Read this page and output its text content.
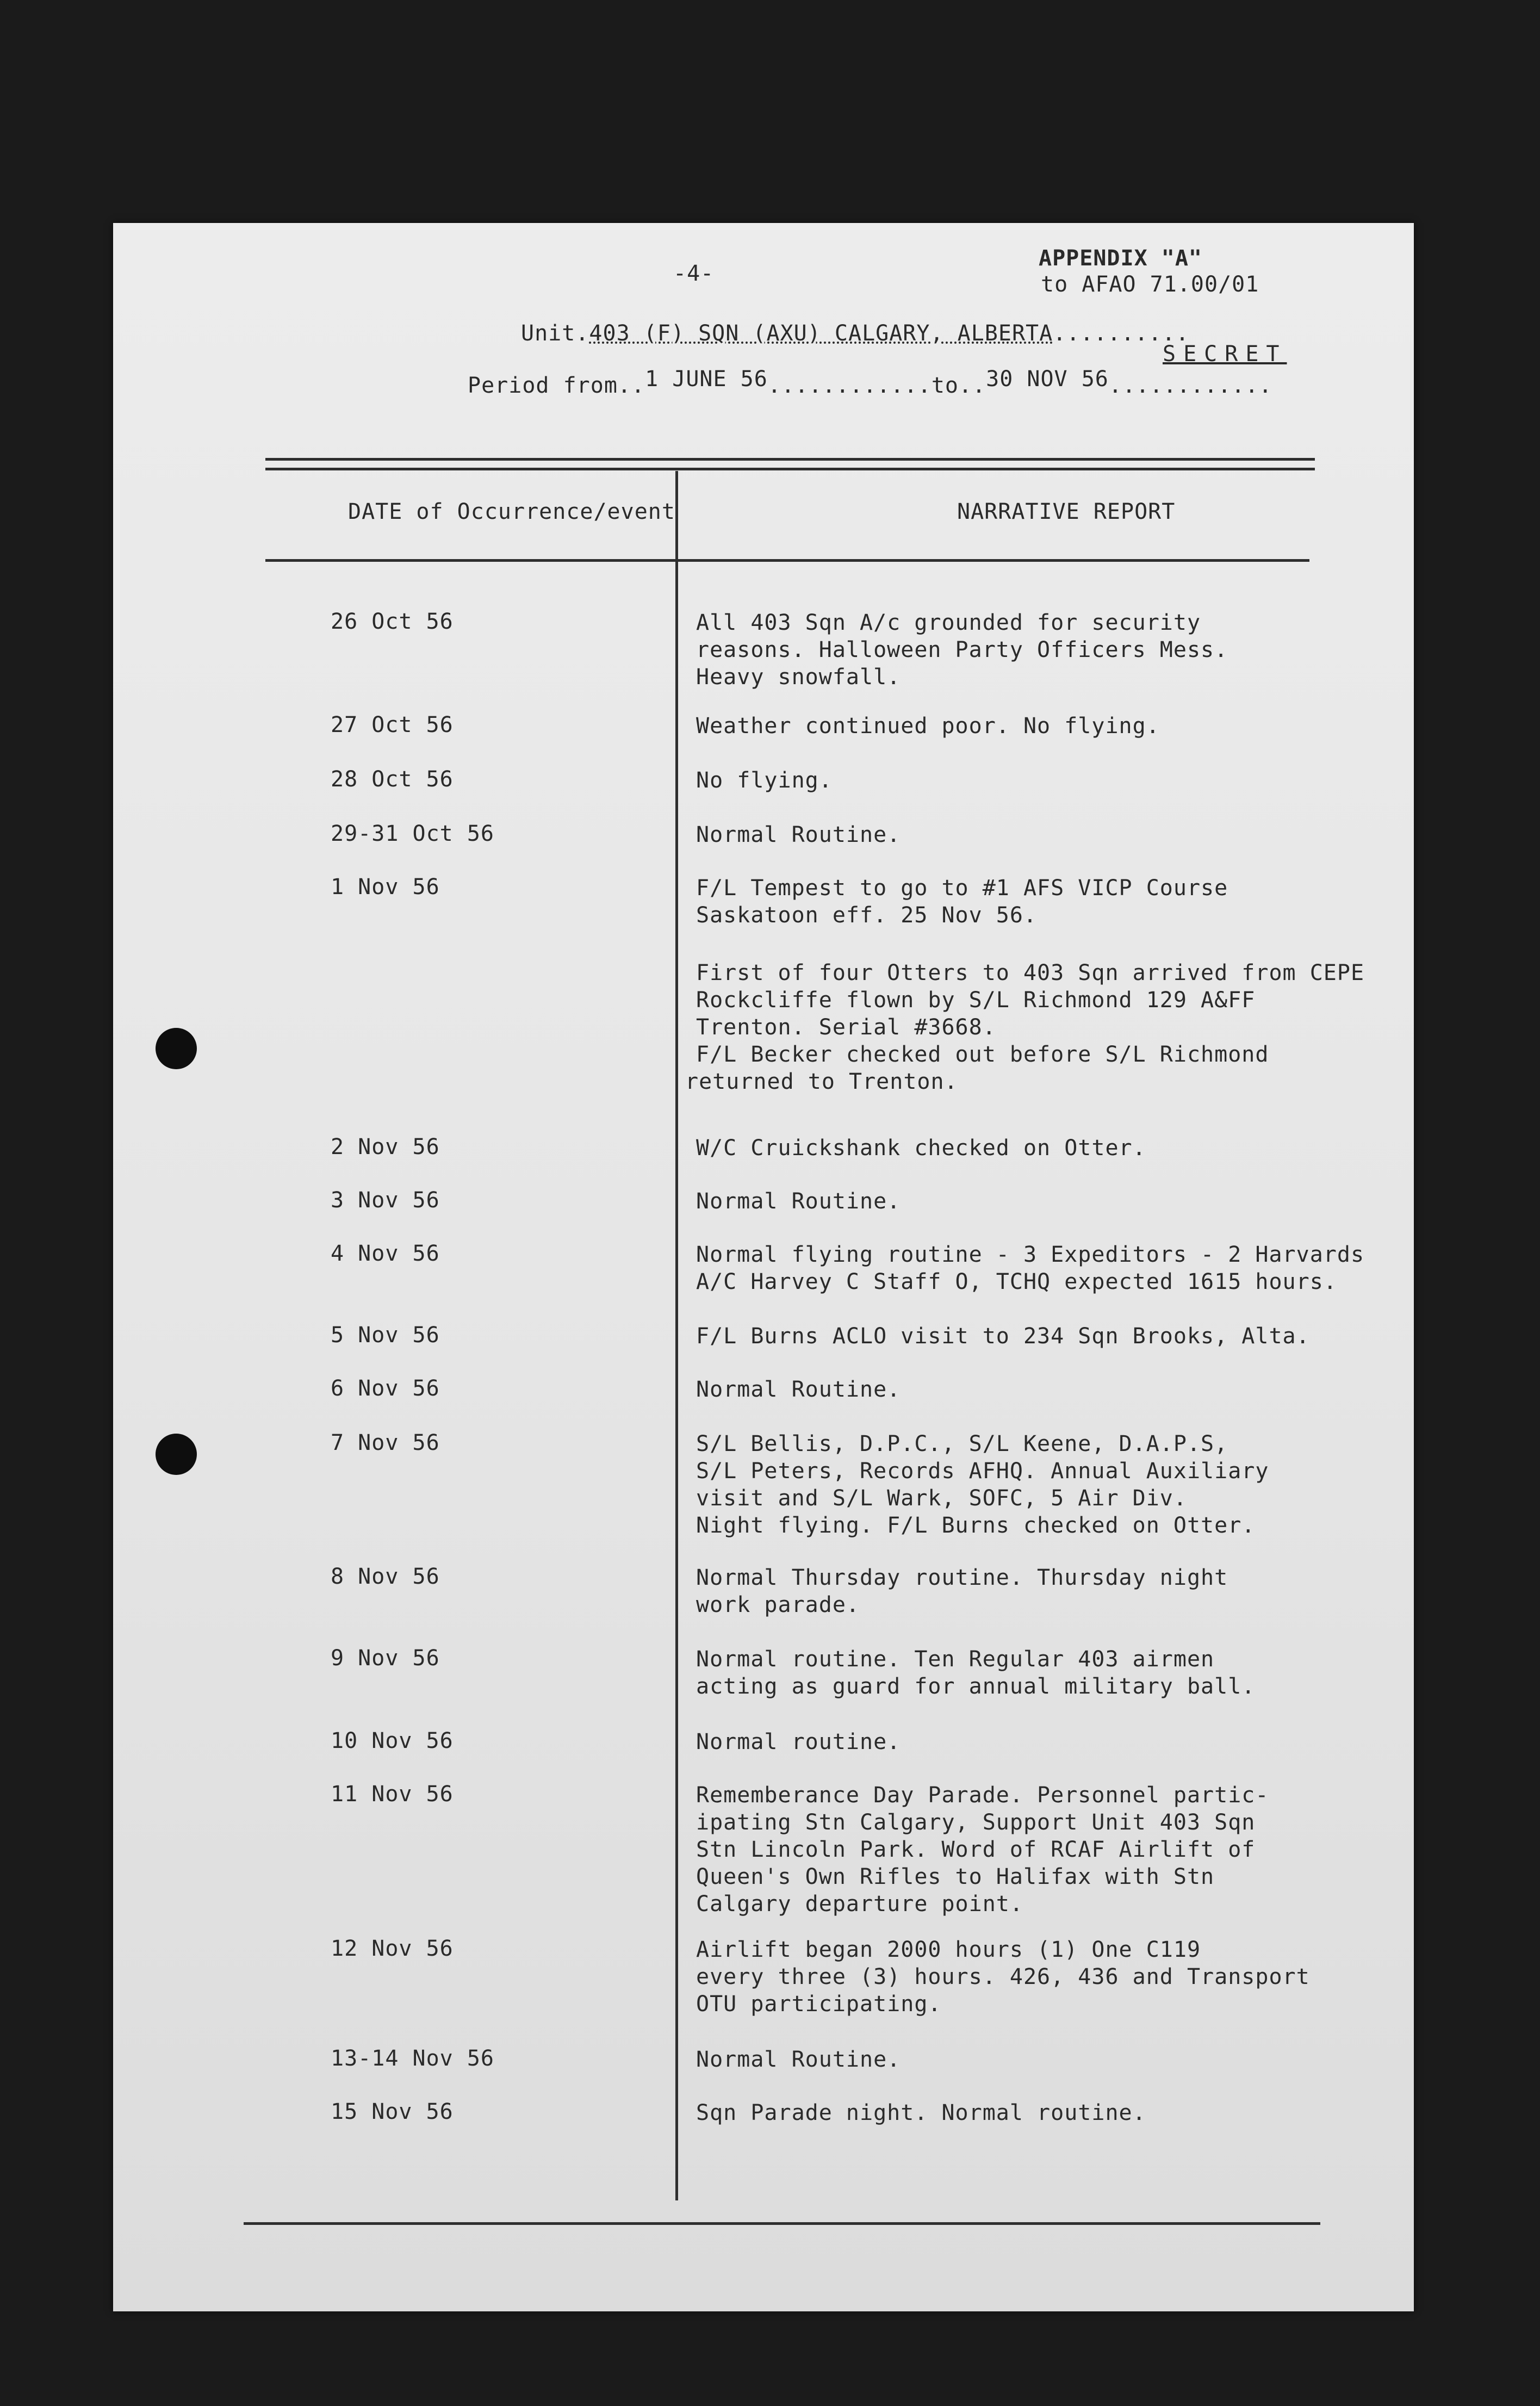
-4-
APPENDIX "A"
to AFAO 71.00/01
Unit.403 (F) SQN (AXU) CALGARY, ALBERTA..........
SECRET
Period from..1 JUNE 56............to..30 NOV 56............
DATE of Occurrence/event	NARRATIVE REPORT
26 Oct 56	All 403 Sqn A/c grounded for security
reasons. Halloween Party Officers Mess.
Heavy snowfall.
27 Oct 56	Weather continued poor. No flying.
28 Oct 56	No flying.
29-31 Oct 56	Normal Routine.
1 Nov 56	F/L Tempest to go to #1 AFS VICP Course
Saskatoon eff. 25 Nov 56.
First of four Otters to 403 Sqn arrived from CEPE
Rockcliffe flown by S/L Richmond 129 A&FF
Trenton. Serial #3668.
F/L Becker checked out before S/L Richmond
returned to Trenton.
2 Nov 56	W/C Cruickshank checked on Otter.
3 Nov 56	Normal Routine.
4 Nov 56	Normal flying routine - 3 Expeditors - 2 Harvards
A/C Harvey C Staff O, TCHQ expected 1615 hours.
5 Nov 56	F/L Burns ACLO visit to 234 Sqn Brooks, Alta.
6 Nov 56	Normal Routine.
7 Nov 56	S/L Bellis, D.P.C., S/L Keene, D.A.P.S,
S/L Peters, Records AFHQ. Annual Auxiliary
visit and S/L Wark, SOFC, 5 Air Div.
Night flying. F/L Burns checked on Otter.
8 Nov 56	Normal Thursday routine. Thursday night
work parade.
9 Nov 56	Normal routine. Ten Regular 403 airmen
acting as guard for annual military ball.
10 Nov 56	Normal routine.
11 Nov 56	Rememberance Day Parade. Personnel partic-
ipating Stn Calgary, Support Unit 403 Sqn
Stn Lincoln Park. Word of RCAF Airlift of
Queen's Own Rifles to Halifax with Stn
Calgary departure point.
12 Nov 56	Airlift began 2000 hours (1) One C119
every three (3) hours. 426, 436 and Transport
OTU participating.
13-14 Nov 56	Normal Routine.
15 Nov 56	Sqn Parade night. Normal routine.
